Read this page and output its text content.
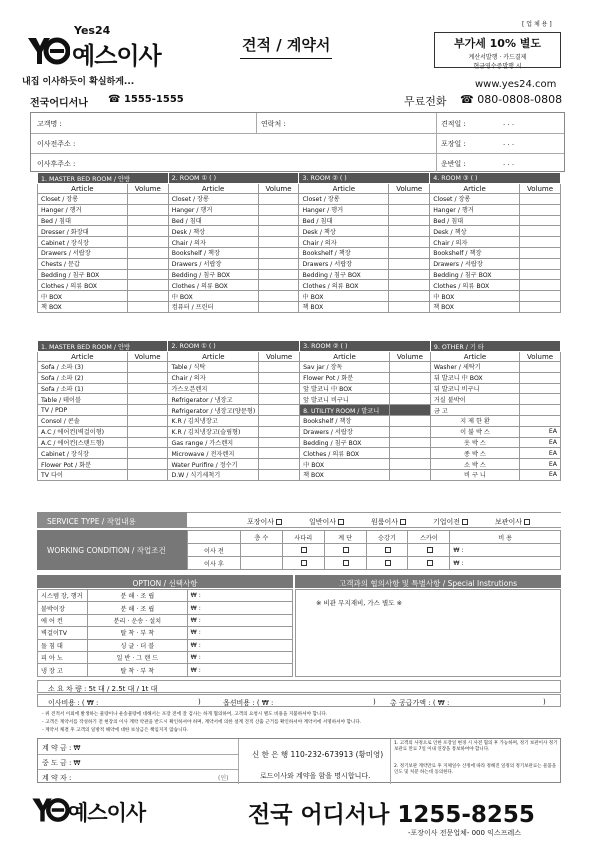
[ 업 체 용 ]
Yes24
예스이사
내집 이사하듯이 확실하게...
전국어디서나 ☎ 1555-1555
견적 / 계약서	부가세 10% 별도
계산서발행 · 카드결제
현금영수증발행 시
www.yes24.com
무료전화 ☎ 080-0808-0808
고객명 :	연락처 :	견적일 :	. . .
이사전주소 :	포장일 :	. . .
이사후주소 :	운반일 :	. . .
1. MASTER BED ROOM / 안방		2. ROOM ① ( )		3. ROOM ② ( )		4. ROOM ③ ( )	
Article	Volume	Article	Volume	Article	Volume	Article	Volume
Closet / 장롱		Closet / 장롱		Closet / 장롱		Closet / 장롱	
Hanger / 행거		Hanger / 행거		Hanger / 행거		Hanger / 행거	
Bed / 침대		Bed / 침대		Bed / 침대		Bed / 침대	
Dresser / 화장대		Desk / 책상		Desk / 책상		Desk / 책상	
Cabinet / 장식장		Chair / 의자		Chair / 의자		Chair / 의자	
Drawers / 서랍장		Bookshelf / 책장		Bookshelf / 책장		Bookshelf / 책장	
Chests / 문갑		Drawers / 서랍장		Drawers / 서랍장		Drawers / 서랍장	
Bedding / 침구 BOX		Bedding / 침구 BOX		Bedding / 침구 BOX		Bedding / 침구 BOX	
Clothes / 의류 BOX		Clothes / 의류 BOX		Clothes / 의류 BOX		Clothes / 의류 BOX	
中 BOX		中 BOX		中 BOX		中 BOX	
책 BOX		컴퓨터 / 프린터		책 BOX		책 BOX	
1. MASTER BED ROOM / 안방		2. ROOM ① ( )		3. ROOM ② ( )		9. OTHER / 기 타	
Article	Volume	Article	Volume	Article	Volume	Article	Volume
Sofa / 소파 (3)		Table / 식탁		Sav jar / 장독		Washer / 세탁기	
Sofa / 소파 (2)		Chair / 의자		Flower Pot / 화분		뒤 발코니 中 BOX	
Sofa / 소파 (1)		가스오븐렌지		앞 발코니 中 BOX		뒤 발코니 비구니	
Table / 테이블		Refrigerator / 냉장고		앞 발코니 비구니		거실 붙박이	
TV / PDP		Refrigerator / 냉장고(양문형)		8. UTILITY ROOM / 발코니		금 고	
Consol / 콘솔		K.R / 김치냉장고		Bookshelf / 책장		지 제 한 환	
A.C / 에어컨(벽걸이형)		K.R / 김치냉장고(슬림형)		Drawers / 서랍장		이 불 박 스	EA
A.C / 에어컨(스탠드형)		Gas range / 가스렌지		Bedding / 침구 BOX		옷 박 스	EA
Cabinet / 장식장		Microwave / 전자렌지		Clothes / 의류 BOX		종 박 스	EA
Flower Pot / 화분		Water Purifire / 정수기		中 BOX		소 박 스	EA
TV 다이		D.W / 식기세척기		책 BOX		비 구 니	EA
SERVICE TYPE / 작업내용	포장이사	일반이사	원룸이사	기업이전	보관이사
WORKING CONDITION / 작업조건
	층 수	사다리	계 단	승강기	스카이	비 용
이사 전						₩ :
이사 후						₩ :
OPTION / 선택사항	고객과의 협의사항 및 특별사항 / Special Instrutions
시스템 장, 행거	분 해 · 조 립	₩ :
붙박이장	분 해 · 조 립	₩ :
에 어 컨	분리 · 운송 · 설치	₩ :
벽걸이TV	탈 착 · 부 착	₩ :
돌 침 대	싱 글 · 더 블	₩ :
피 아 노	일 반 · 그 랜 드	₩ :
냉 장 고	탈 착 · 부 착	₩ :
※ 비관 무지재비, 가스 별도 ※
소 요 차 량 : 5t 대 / 2.5t 대 / 1t 대
이사비용 : ( ₩ :	)	옵션비용 : ( ₩ :	) 총 공급가액 : ( ₩ :	)
- 위 견적서 이외에 발생하는 물량이나 운송물량에 대해서는 포장 전에 잘 검사는 하게 협의하여, 고객의 요청시 별도 비용을 지불하셔야 합니다.
- 고객은 계약서를 작성하기 전 현장의 이사 계약 약관을 반드시 확인하셔야 하며, 계약서에 의한 설계 견적 산출 근거를 확인하셔야 계약서에 서명하셔야 합니다.
- 계약서 체결 후 고객의 일방적 해약에 대한 보상금은 책임지지 않습니다.
계 약 금 : ₩
중 도 금 : ₩
계 약 자 :	(인)
신 한 은 행 110-232-673913 (황미영)
로드이사와 계약을 함을 명시합니다.
1. 고객의 사정으로 인한 포장일 변경 시 사전 협의 후 가능하며, 정기 보관이사 정기보관료 만료 7일 이내 연장을 통보하여야 합니다.
2. 정기보관 계약만료 후 지체일수 산정에 따라 정해진 일정의 정기보관료는 물품을 인도 및 처분 하는데 동의한다.
예스이사	전국 어디서나 1255-8255
-포장이사 전문업체- 000 익스프레스
